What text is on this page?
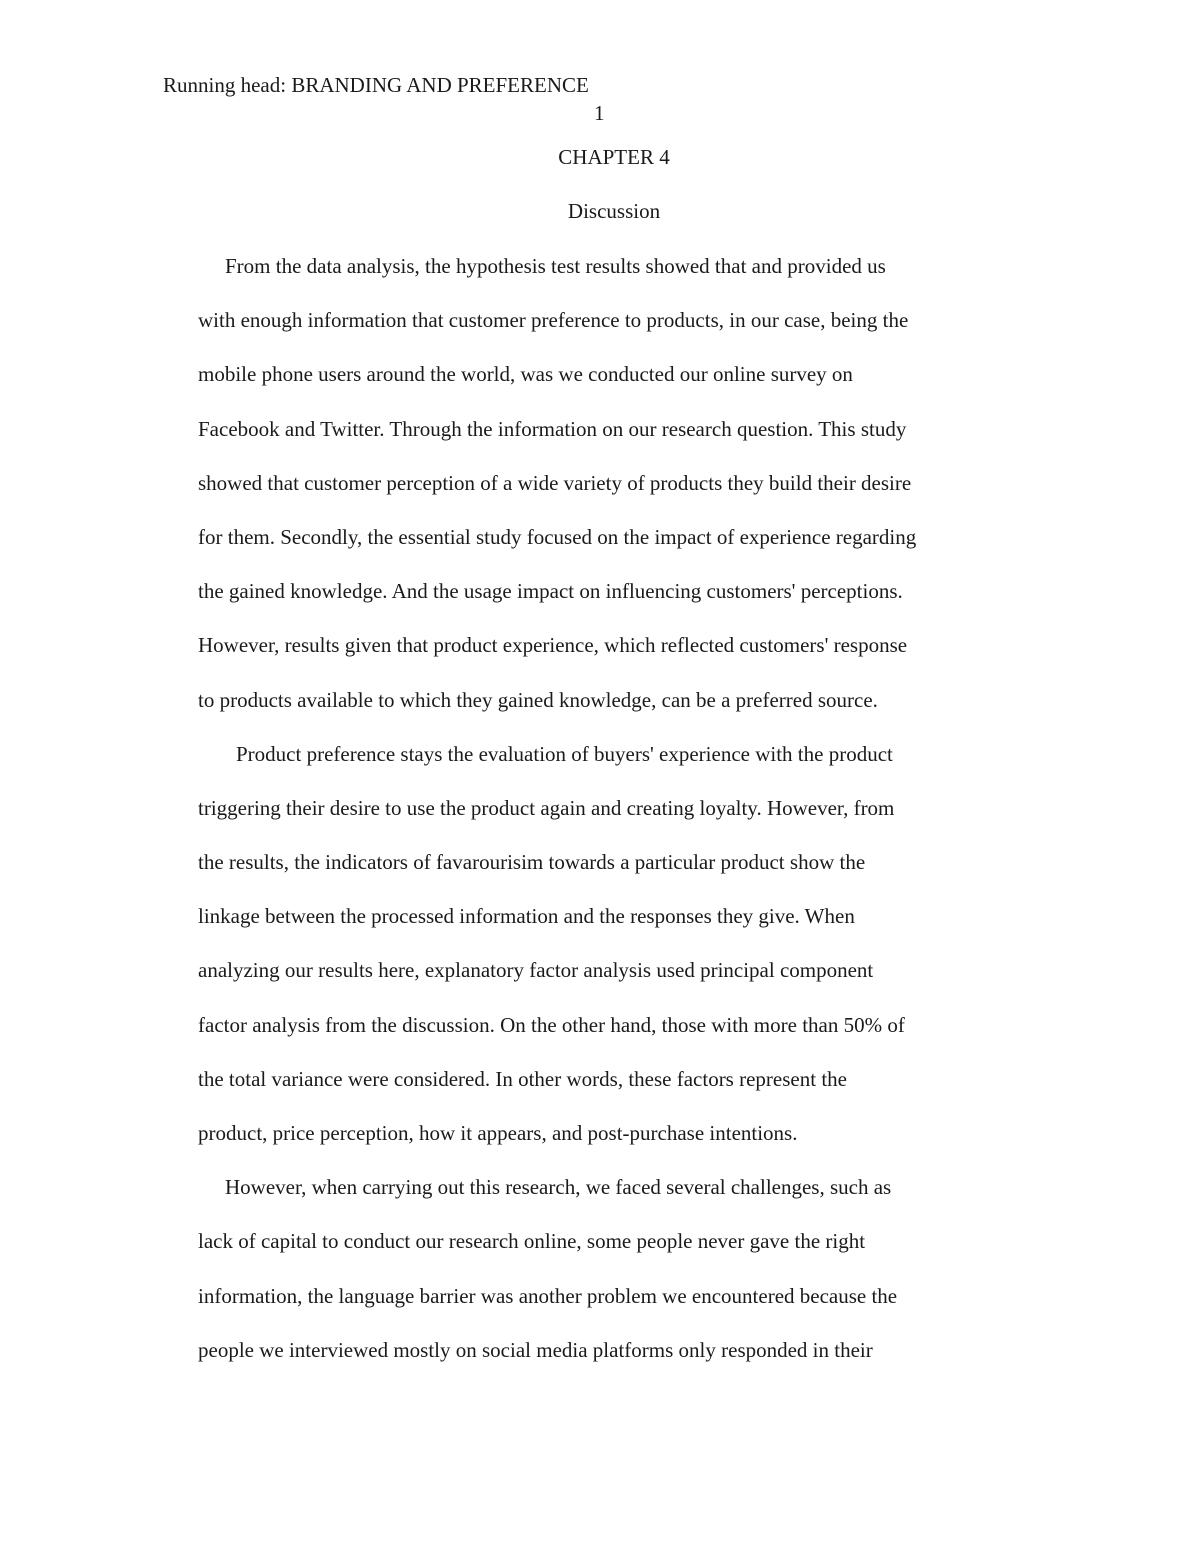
Running head: BRANDING AND PREFERENCE
1
CHAPTER 4
Discussion
From the data analysis, the hypothesis test results showed that and provided us
with enough information that customer preference to products, in our case, being the
mobile phone users around the world, was we conducted our online survey on
Facebook and Twitter. Through the information on our research question. This study
showed that customer perception of a wide variety of products they build their desire
for them. Secondly, the essential study focused on the impact of experience regarding
the gained knowledge. And the usage impact on influencing customers' perceptions.
However, results given that product experience, which reflected customers' response
to products available to which they gained knowledge, can be a preferred source.
Product preference stays the evaluation of buyers' experience with the product
triggering their desire to use the product again and creating loyalty. However, from
the results, the indicators of favarourisim towards a particular product show the
linkage between the processed information and the responses they give. When
analyzing our results here, explanatory factor analysis used principal component
factor analysis from the discussion. On the other hand, those with more than 50% of
the total variance were considered. In other words, these factors represent the
product, price perception, how it appears, and post-purchase intentions.
However, when carrying out this research, we faced several challenges, such as
lack of capital to conduct our research online, some people never gave the right
information, the language barrier was another problem we encountered because the
people we interviewed mostly on social media platforms only responded in their
